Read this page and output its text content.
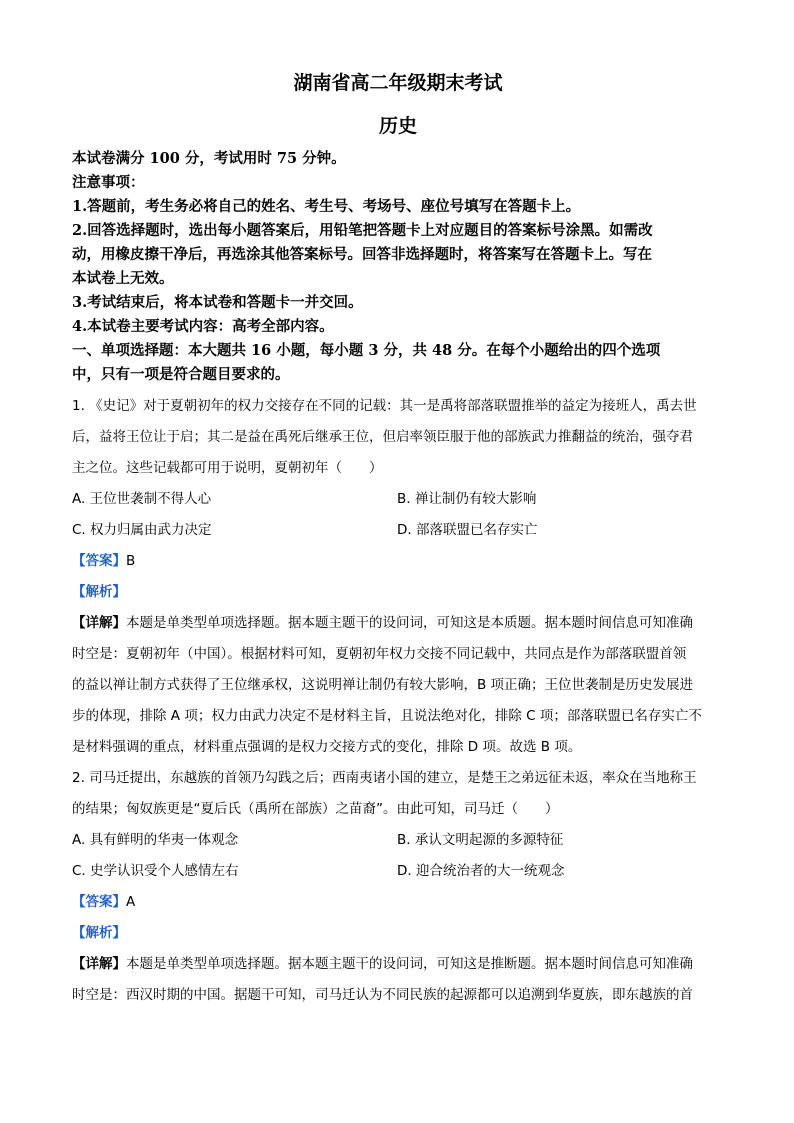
湖南省高二年级期末考试
历史

本试卷满分 100 分，考试用时 75 分钟。

注意事项：

1.答题前，考生务必将自己的姓名、考生号、考场号、座位号填写在答题卡上。

2.回答选择题时，选出每小题答案后，用铅笔把答题卡上对应题目的答案标号涂黑。如需改

动，用橡皮擦干净后，再选涂其他答案标号。回答非选择题时，将答案写在答题卡上。写在

本试卷上无效。

3.考试结束后，将本试卷和答题卡一并交回。

4.本试卷主要考试内容：高考全部内容。

一、单项选择题：本大题共 16 小题，每小题 3 分，共 48 分。在每个小题给出的四个选项

中，只有一项是符合题目要求的。

1. 《史记》对于夏朝初年的权力交接存在不同的记载：其一是禹将部落联盟推举的益定为接班人，禹去世

后，益将王位让于启；其二是益在禹死后继承王位，但启率领臣服于他的部族武力推翻益的统治，强夺君

主之位。这些记载都可用于说明，夏朝初年（　　）

A. 王位世袭制不得人心	B. 禅让制仍有较大影响
C. 权力归属由武力决定	D. 部落联盟已名存实亡

【答案】B

【解析】

【详解】本题是单类型单项选择题。据本题主题干的设问词，可知这是本质题。据本题时间信息可知准确

时空是：夏朝初年（中国）。根据材料可知，夏朝初年权力交接不同记载中，共同点是作为部落联盟首领

的益以禅让制方式获得了王位继承权，这说明禅让制仍有较大影响，B 项正确；王位世袭制是历史发展进

步的体现，排除 A 项；权力由武力决定不是材料主旨，且说法绝对化，排除 C 项；部落联盟已名存实亡不

是材料强调的重点，材料重点强调的是权力交接方式的变化，排除 D 项。故选 B 项。

2. 司马迁提出，东越族的首领乃勾践之后；西南夷诸小国的建立，是楚王之弟远征未返，率众在当地称王

的结果；匈奴族更是“夏后氏（禹所在部族）之苗裔”。由此可知，司马迁（　　）

A. 具有鲜明的华夷一体观念	B. 承认文明起源的多源特征
C. 史学认识受个人感情左右	D. 迎合统治者的大一统观念

【答案】A

【解析】

【详解】本题是单类型单项选择题。据本题主题干的设问词，可知这是推断题。据本题时间信息可知准确

时空是：西汉时期的中国。据题干可知，司马迁认为不同民族的起源都可以追溯到华夏族，即东越族的首
